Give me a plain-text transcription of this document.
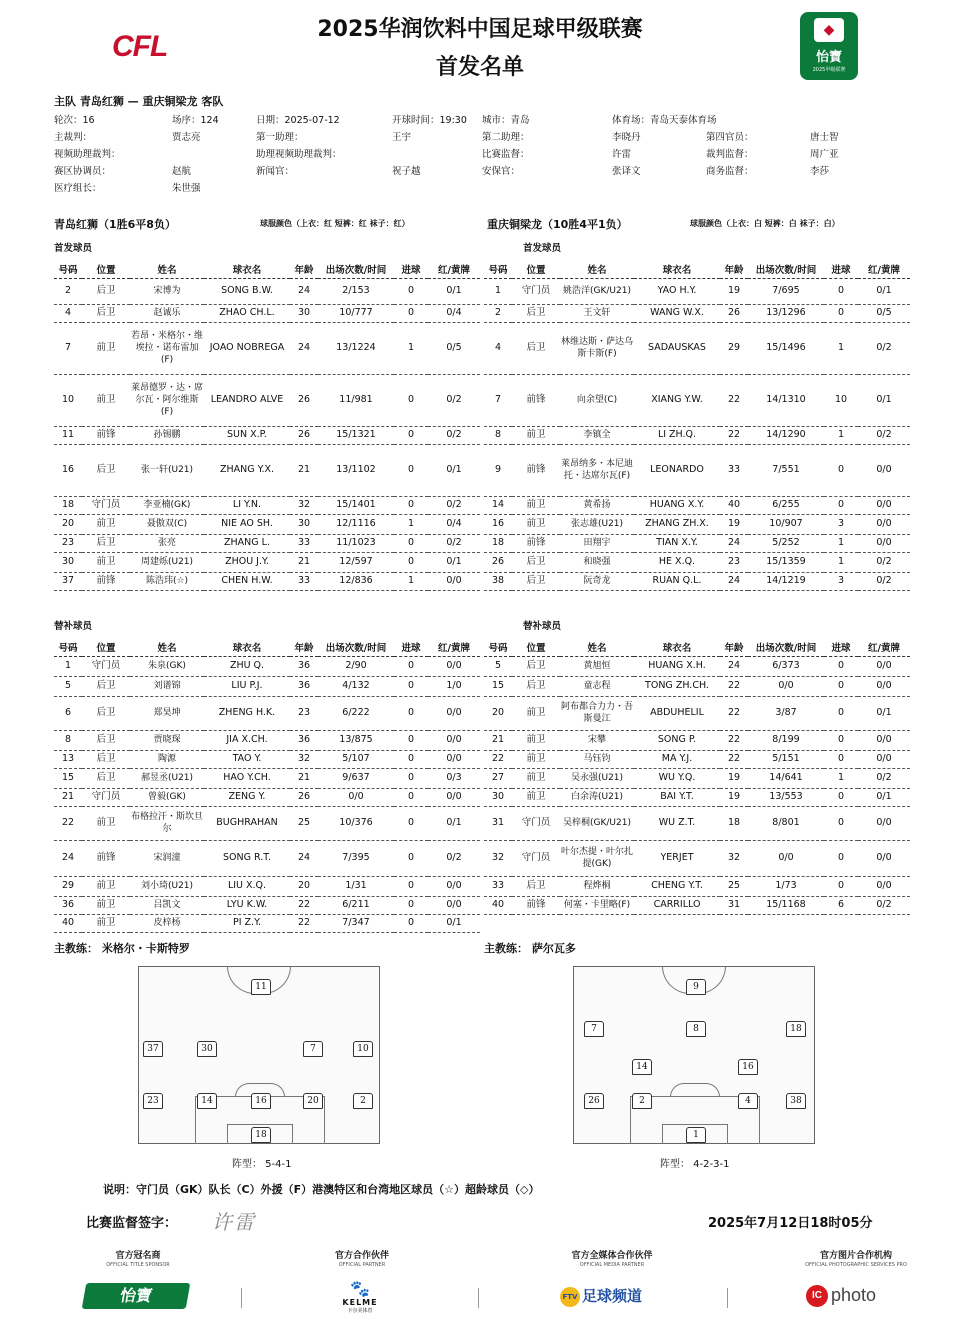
CFL
2025华润饮料中国足球甲级联赛
首发名单
◆
怡寶
2025甲级联赛
主队 青岛红狮 — 重庆铜梁龙 客队
轮次：16	场序：124	日期：2025-07-12	开球时间：19:30 城市：青岛	体育场：青岛天泰体育场
主裁判：	贾志亮	第一助理：	王宇	第二助理：	李晓丹	第四官员：	唐士智
视频助理裁判：	助理视频助理裁判：	比赛监督：	许雷	裁判监督：	周广亚
赛区协调员：	赵航	新闻官：	祝子越	安保官：	张译文	商务监督：	李莎
医疗组长：	朱世强
青岛红狮（1胜6平8负）	球服颜色（上衣：红 短裤：红 袜子：红）	重庆铜梁龙（10胜4平1负）	球服颜色（上衣：白 短裤：白 袜子：白）
首发球员	首发球员
号码	位置	姓名	球衣名	年龄	出场次数/时间	进球	红/黄牌
2	后卫	宋博为	SONG B.W.	24	2/153	0	0/1
4	后卫	赵诚乐	ZHAO CH.L.	30	10/777	0	0/4
7	前卫	若昂・米格尔・维埃拉・诺布雷加(F)	JOAO NOBREGA	24	13/1224	1	0/5
10	前卫	莱昂德罗・达・席尔瓦・阿尔维斯(F)	LEANDRO ALVE	26	11/981	0	0/2
11	前锋	孙锡鹏	SUN X.P.	26	15/1321	0	0/2
16	后卫	张一轩(U21)	ZHANG Y.X.	21	13/1102	0	0/1
18	守门员	李亚楠(GK)	LI Y.N.	32	15/1401	0	0/2
20	前卫	聂傲双(C)	NIE AO SH.	30	12/1116	1	0/4
23	后卫	张亮	ZHANG L.	33	11/1023	0	0/2
30	前卫	周建烁(U21)	ZHOU J.Y.	21	12/597	0	0/1
37	前锋	陈浩玮(☆)	CHEN H.W.	33	12/836	1	0/0
号码	位置	姓名	球衣名	年龄	出场次数/时间	进球	红/黄牌
1	守门员	姚浩洋(GK/U21)	YAO H.Y.	19	7/695	0	0/1
2	后卫	王文轩	WANG W.X.	26	13/1296	0	0/5
4	后卫	林维达斯・萨达乌斯卡斯(F)	SADAUSKAS	29	15/1496	1	0/2
7	前锋	向余望(C)	XIANG Y.W.	22	14/1310	10	0/1
8	前卫	李镇全	LI ZH.Q.	22	14/1290	1	0/2
9	前锋	莱昂纳多・本尼迪托・达席尔瓦(F)	LEONARDO	33	7/551	0	0/0
14	前卫	黄希扬	HUANG X.Y.	40	6/255	0	0/0
16	前卫	张志雄(U21)	ZHANG ZH.X.	19	10/907	3	0/0
18	前锋	田翔宇	TIAN X.Y.	24	5/252	1	0/0
26	后卫	和晓强	HE X.Q.	23	15/1359	1	0/2
38	后卫	阮奇龙	RUAN Q.L.	24	14/1219	3	0/2
替补球员	替补球员
号码	位置	姓名	球衣名	年龄	出场次数/时间	进球	红/黄牌
1	守门员	朱泉(GK)	ZHU Q.	36	2/90	0	0/0
5	后卫	刘谱锦	LIU P.J.	36	4/132	0	1/0
6	后卫	郑昊坤	ZHENG H.K.	23	6/222	0	0/0
8	后卫	贾晓琛	JIA X.CH.	36	13/875	0	0/0
13	后卫	陶源	TAO Y.	32	5/107	0	0/0
15	后卫	郝昱丞(U21)	HAO Y.CH.	21	9/637	0	0/3
21	守门员	曾毅(GK)	ZENG Y.	26	0/0	0	0/0
22	前卫	布格拉汗・斯坎旦尔	BUGHRAHAN	25	10/376	0	0/1
24	前锋	宋润潼	SONG R.T.	24	7/395	0	0/2
29	前卫	刘小琦(U21)	LIU X.Q.	20	1/31	0	0/0
36	前卫	吕凯文	LYU K.W.	22	6/211	0	0/0
40	前卫	皮梓杨	PI Z.Y.	22	7/347	0	0/1
号码	位置	姓名	球衣名	年龄	出场次数/时间	进球	红/黄牌
5	后卫	黄旭恒	HUANG X.H.	24	6/373	0	0/0
15	后卫	童志程	TONG ZH.CH.	22	0/0	0	0/0
20	前卫	阿布都合力力・吾斯曼江	ABDUHELIL	22	3/87	0	0/1
21	前卫	宋攀	SONG P.	22	8/199	0	0/0
22	前卫	马钰钧	MA Y.J.	22	5/151	0	0/0
27	前卫	吴永强(U21)	WU Y.Q.	19	14/641	1	0/2
30	前卫	白余涛(U21)	BAI Y.T.	19	13/553	0	0/1
31	守门员	吴梓桐(GK/U21)	WU Z.T.	18	8/801	0	0/0
32	守门员	叶尔杰提・叶尔扎提(GK)	YERJET	32	0/0	0	0/0
33	后卫	程烨桐	CHENG Y.T.	25	1/73	0	0/0
40	前锋	何塞・卡里略(F)	CARRILLO	31	15/1168	6	0/2
主教练： 米格尔・卡斯特罗	主教练： 萨尔瓦多
11
37	30	7	10
23	14	16	20	2
18
9
7	8	18
14	16
26	2	4	38
1
阵型： 5-4-1	阵型： 4-2-3-1
说明：守门员（GK）队长（C）外援（F）港澳特区和台湾地区球员（☆）超龄球员（◇）
比赛监督签字： 许雷	2025年7月12日18时05分
官方冠名商
OFFICIAL TITLE SPONSOR
官方合作伙伴
OFFICIAL PARTNER
官方全媒体合作伙伴
OFFICIAL MEDIA PARTNER
官方图片合作机构
OFFICIAL PHOTOGRAPHIC SERVICES PRO
怡寶	🐾
KELME
卡尔美体育
FTV 足球频道	IC photo
